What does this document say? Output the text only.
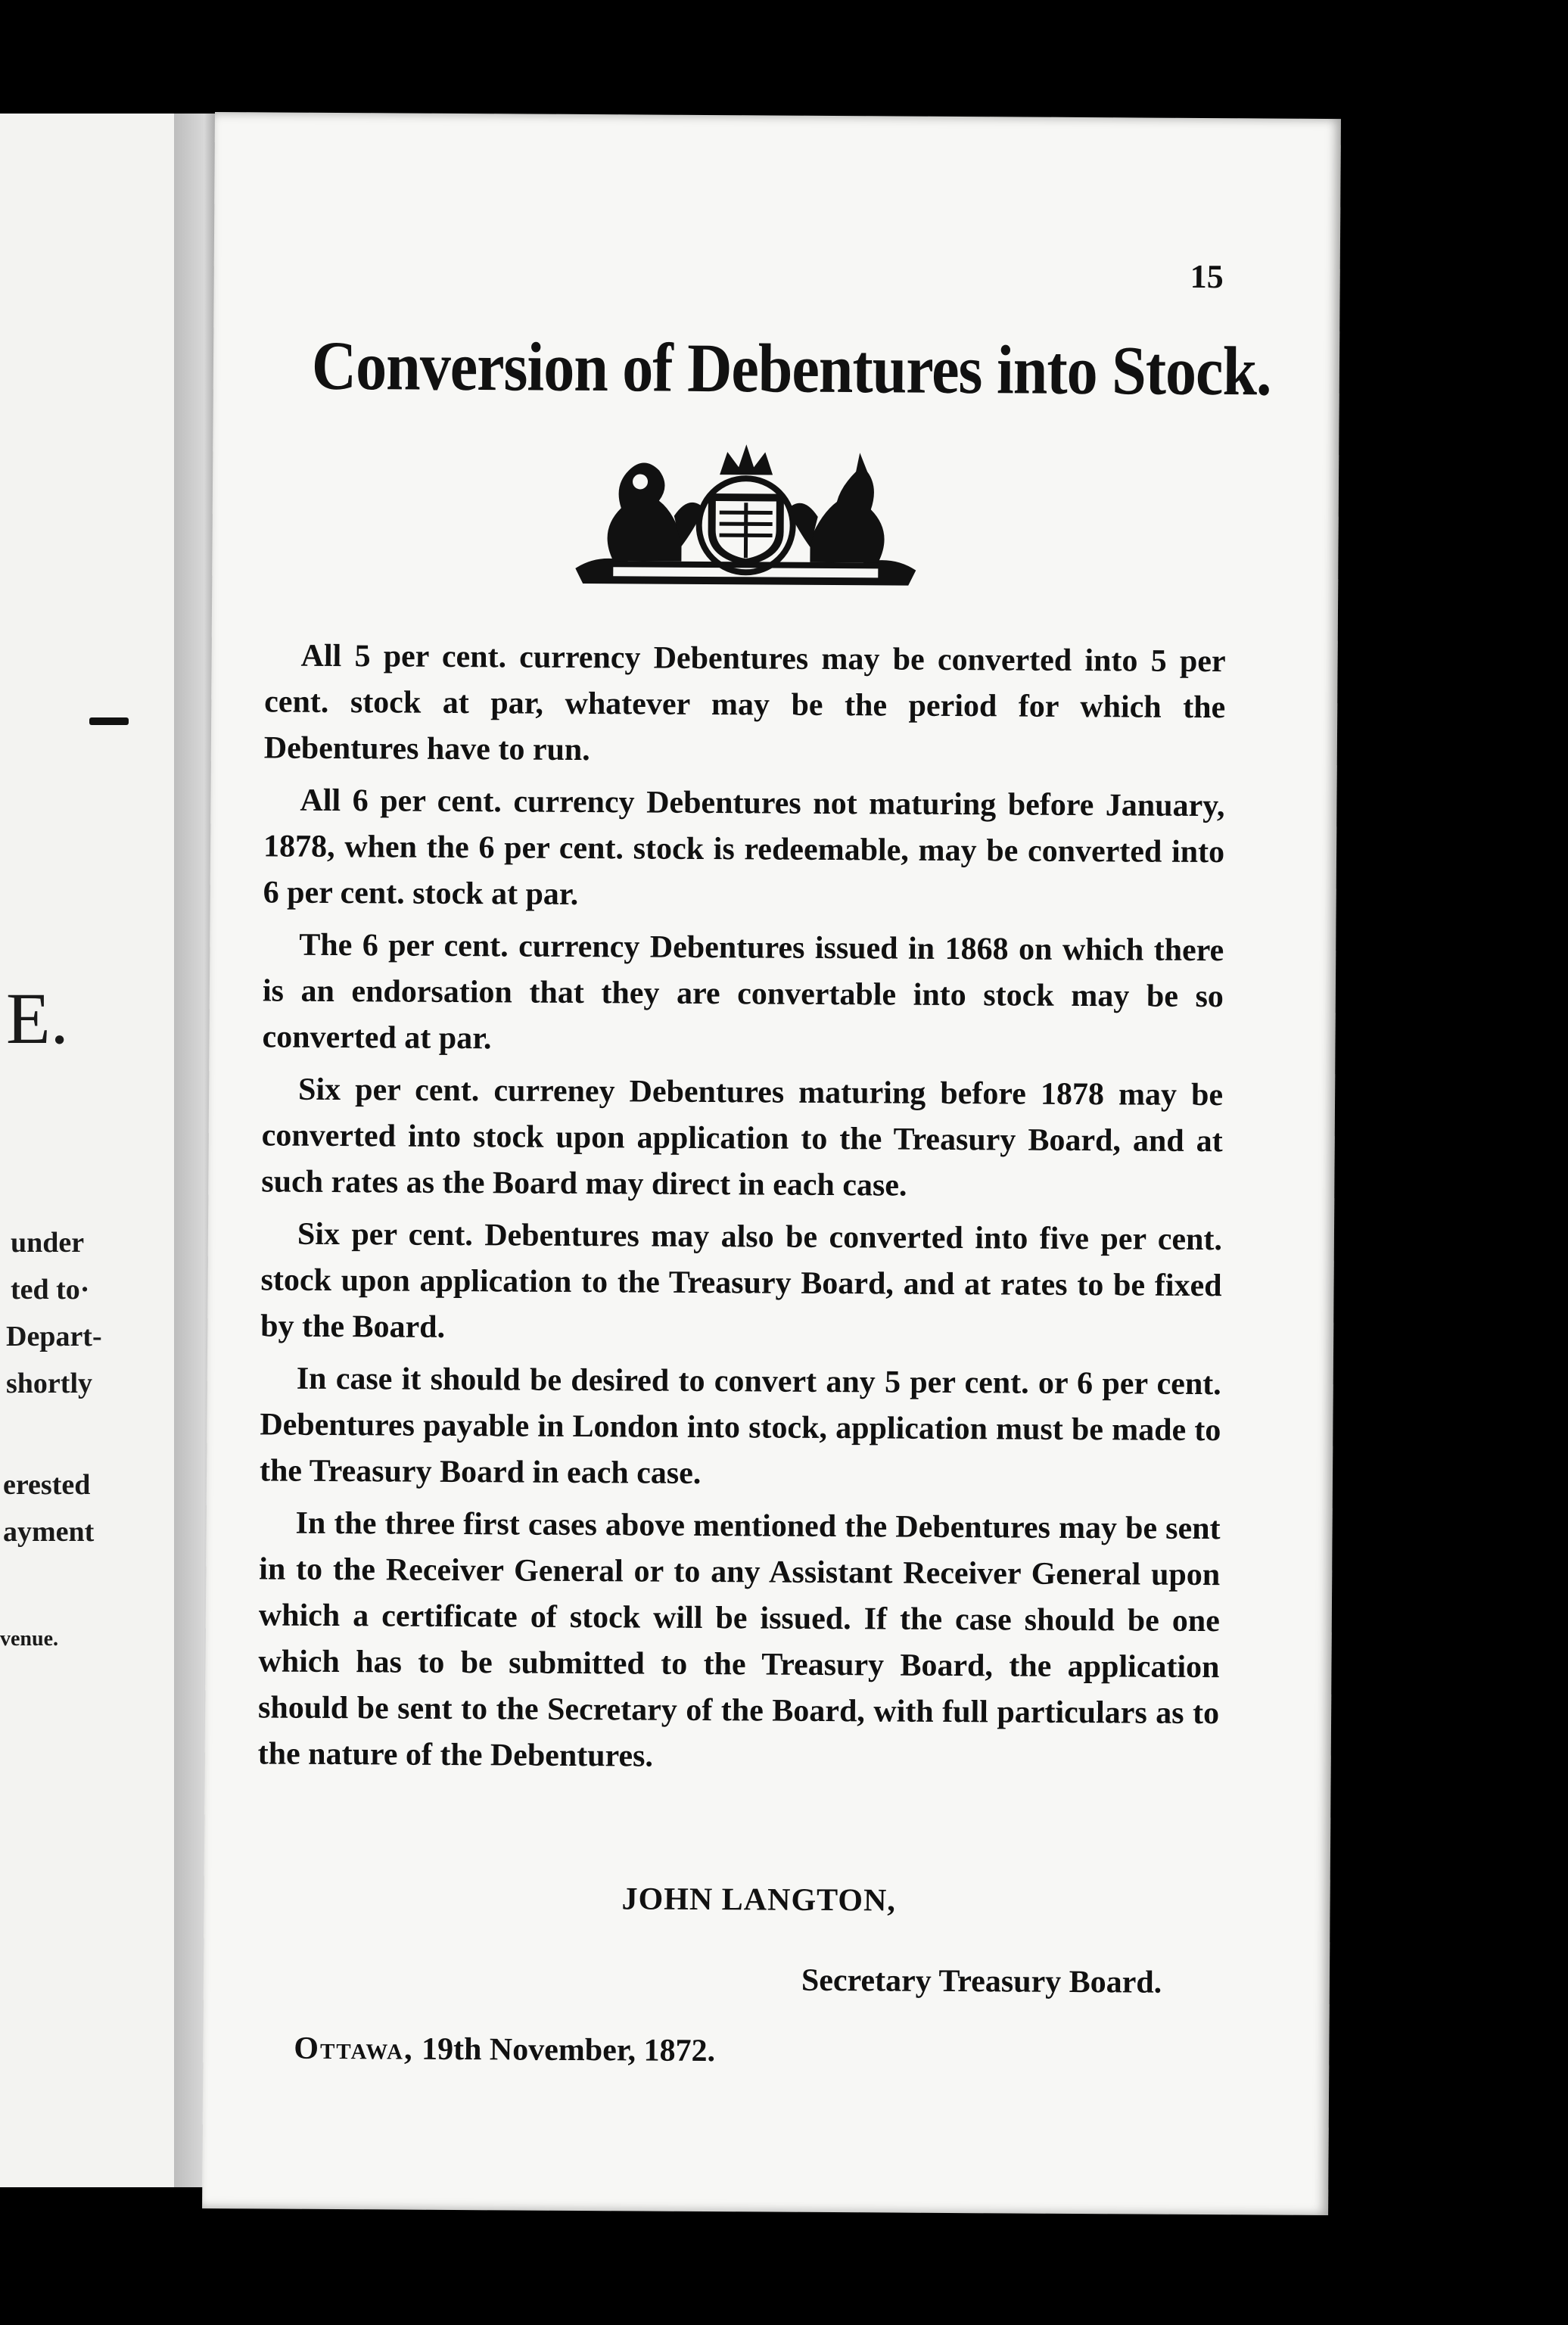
E.
under
ted to·
Depart-
shortly
erested
ayment
venue.
15
Conversion of Debentures into Stock.

All 5 per cent. currency Debentures may be converted into 5 per cent. stock at par, whatever may be the period for which the Debentures have to run.

All 6 per cent. currency Debentures not maturing before January, 1878, when the 6 per cent. stock is redeemable, may be converted into 6 per cent. stock at par.

The 6 per cent. currency Debentures issued in 1868 on which there is an endorsation that they are convertable into stock may be so converted at par.

Six per cent. curreney Debentures maturing before 1878 may be converted into stock upon application to the Treasury Board, and at such rates as the Board may direct in each case.

Six per cent. Debentures may also be converted into five per cent. stock upon application to the Treasury Board, and at rates to be fixed by the Board.

In case it should be desired to convert any 5 per cent. or 6 per cent. Debentures payable in London into stock, application must be made to the Treasury Board in each case.

In the three first cases above mentioned the Debentures may be sent in to the Receiver General or to any Assistant Receiver General upon which a certificate of stock will be issued. If the case should be one which has to be submitted to the Treasury Board, the application should be sent to the Secretary of the Board, with full particulars as to the nature of the Debentures.

JOHN LANGTON,
Secretary Treasury Board.
Ottawa, 19th November, 1872.
